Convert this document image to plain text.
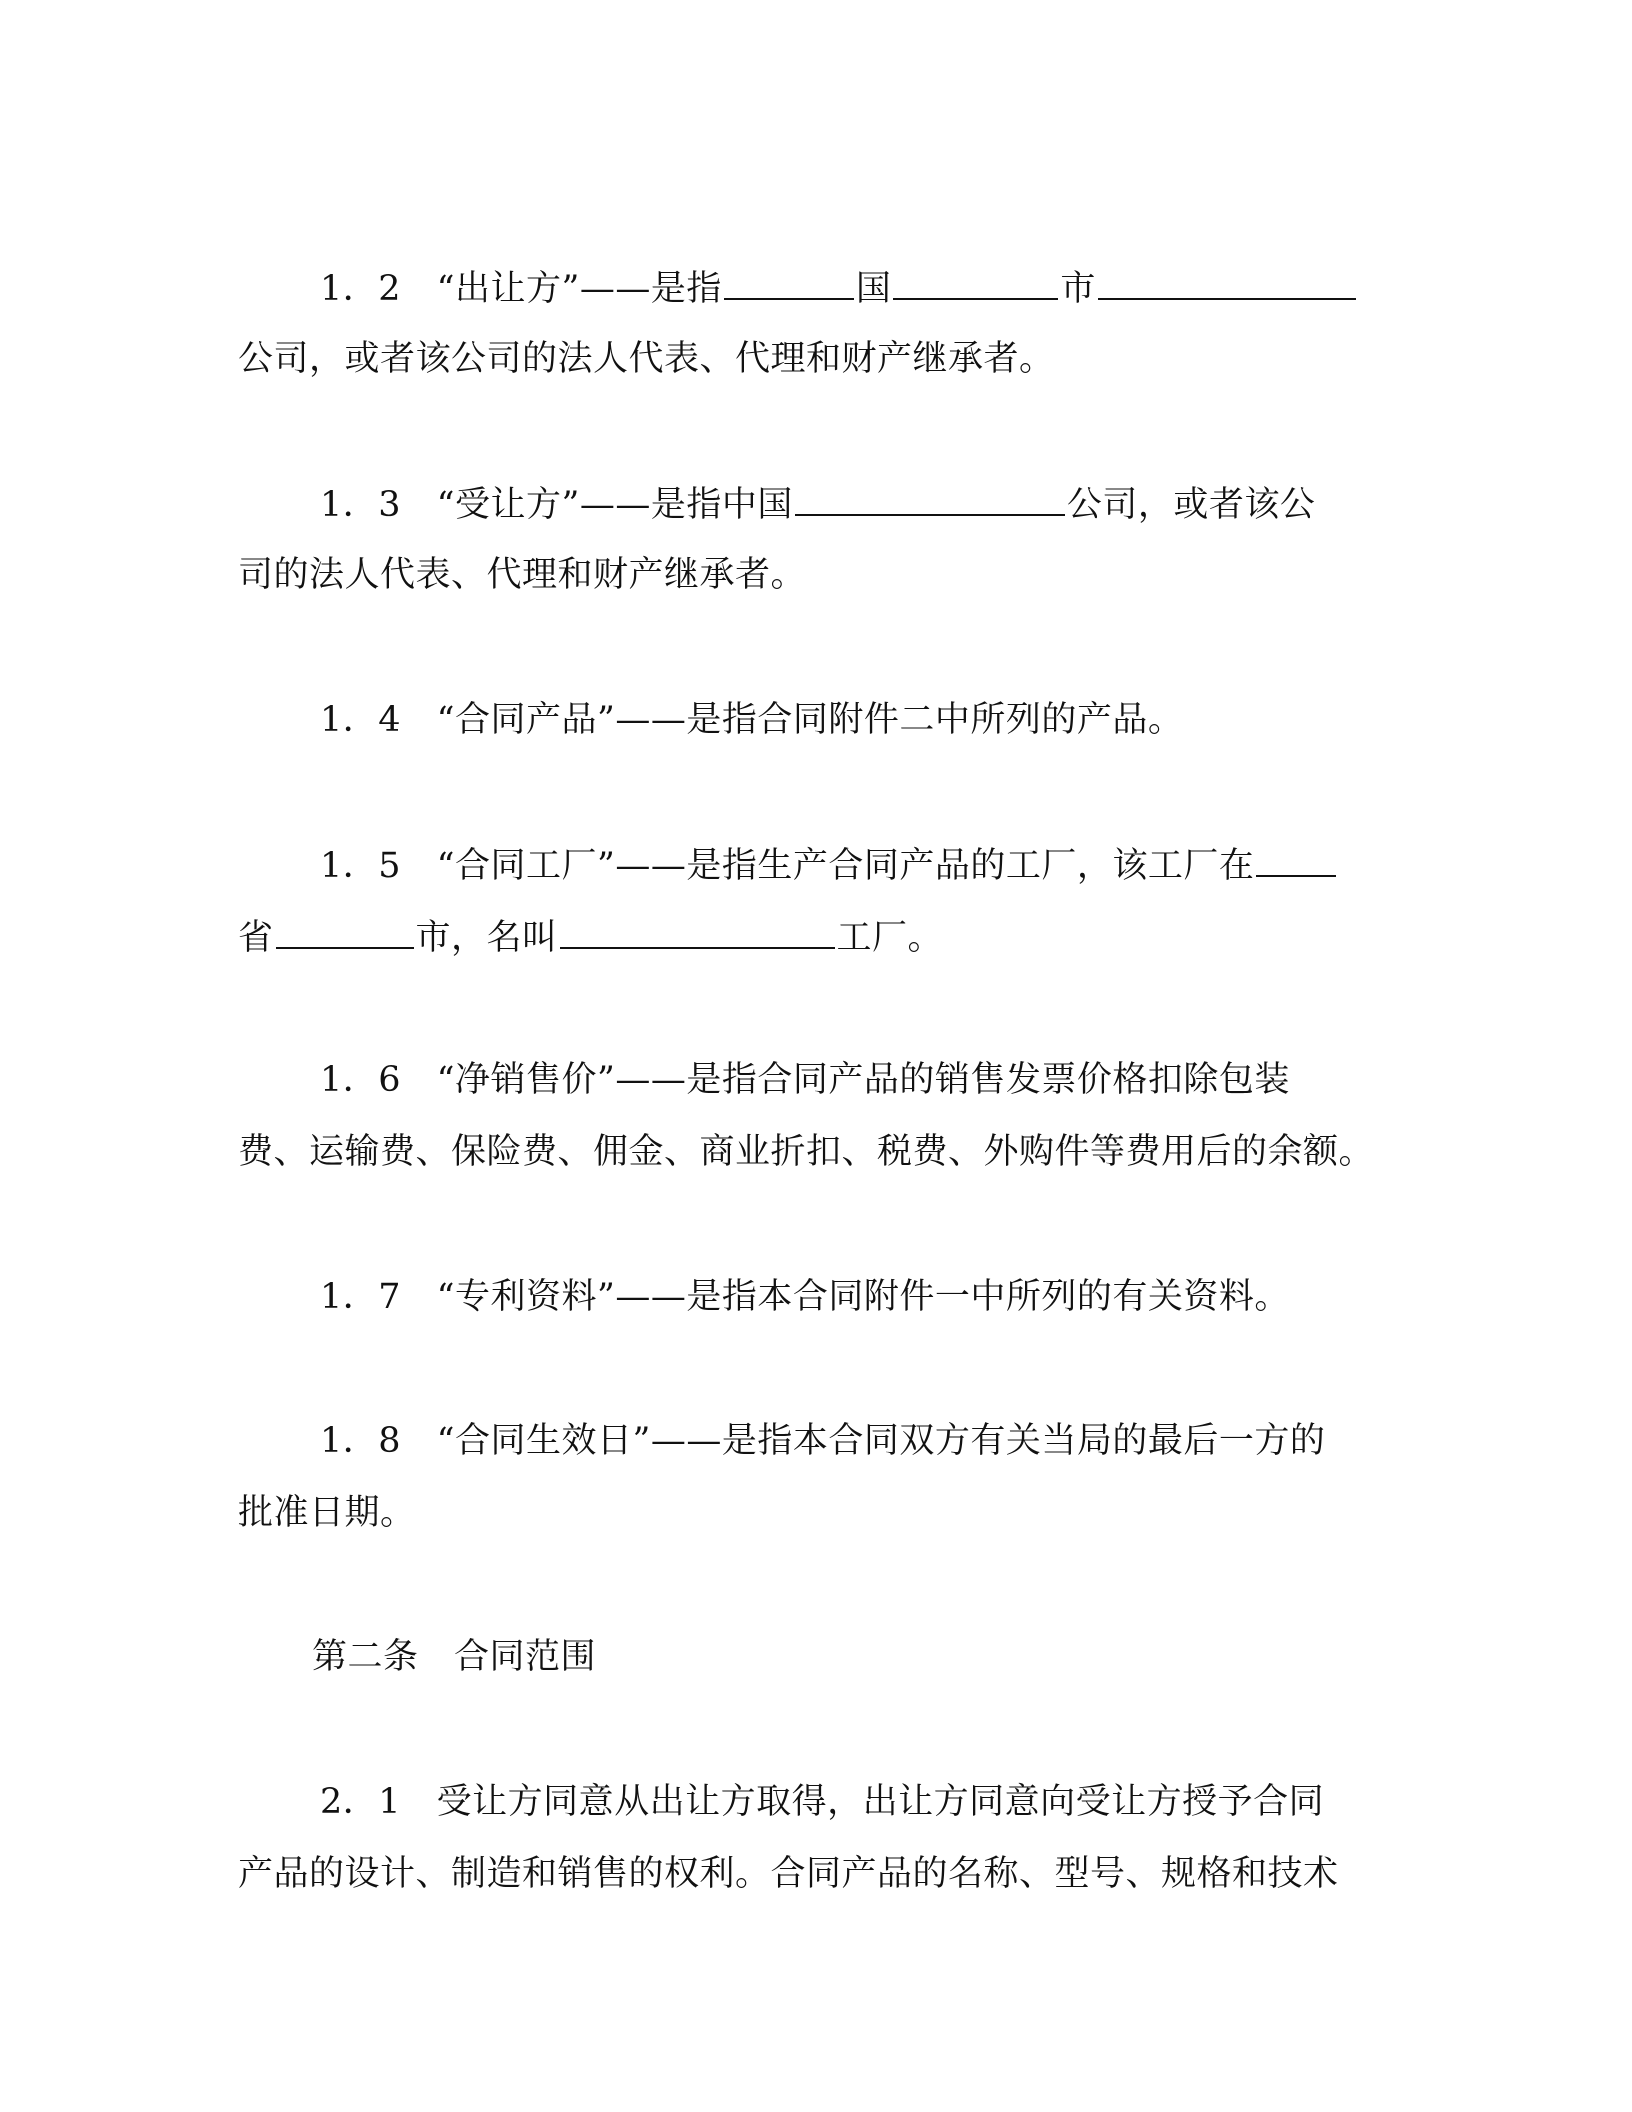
1．2　 “出让方”——是指	国	市
公司，或者该公司的法人代表、代理和财产继承者。
1．3　 “受让方”——是指中国	公司，或者该公
司的法人代表、代理和财产继承者。
1．4　 “合同产品”——是指合同附件二中所列的产品。
1．5　 “合同工厂”——是指生产合同产品的工厂，该工厂在
省	市，名叫	工厂。
1．6　 “净销售价”——是指合同产品的销售发票价格扣除包装
费、运输费、保险费、佣金、商业折扣、税费、外购件等费用后的余额。
1．7　 “专利资料”——是指本合同附件一中所列的有关资料。
1．8　 “合同生效日”——是指本合同双方有关当局的最后一方的
批准日期。
第二条　合同范围
2．1　 受让方同意从出让方取得，出让方同意向受让方授予合同
产品的设计、制造和销售的权利。合同产品的名称、型号、规格和技术
